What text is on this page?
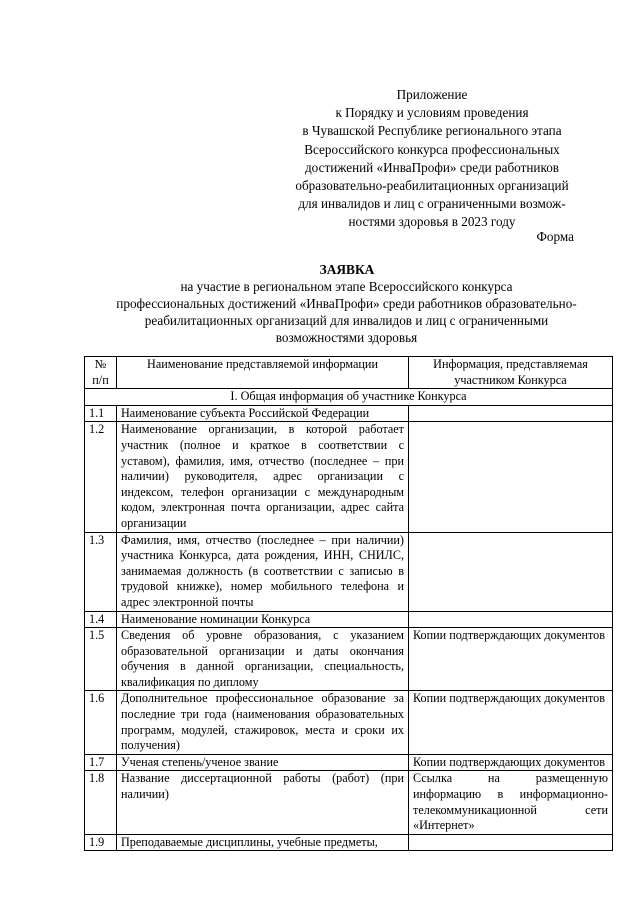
Приложение
к Порядку и условиям проведения
в Чувашской Республике регионального этапа
Всероссийского конкурса профессиональных
достижений «ИнваПрофи» среди работников
образовательно-реабилитационных организаций
для инвалидов и лиц с ограниченными возмож-
ностями здоровья в 2023 году
Форма
ЗАЯВКА
на участие в региональном этапе Всероссийского конкурса
профессиональных достижений «ИнваПрофи» среди работников образовательно-
реабилитационных организаций для инвалидов и лиц с ограниченными
возможностями здоровья
№ п/п	Наименование представляемой информации	Информация, представляемая участником Конкурса
I. Общая информация об участнике Конкурса		
1.1	Наименование субъекта Российской Федерации	
1.2	Наименование организации, в которой работает участник (полное и краткое в соответствии с уставом), фамилия, имя, отчество (последнее – при наличии) руководителя, адрес организации с индексом, телефон организации с международным кодом, электронная почта организации, адрес сайта организации	
1.3	Фамилия, имя, отчество (последнее – при наличии) участника Конкурса, дата рождения, ИНН, СНИЛС, занимаемая должность (в соответствии с записью в трудовой книжке), номер мобильного телефона и адрес электронной почты	
1.4	Наименование номинации Конкурса	
1.5	Сведения об уровне образования, с указанием образовательной организации и даты окончания обучения в данной организации, специальность, квалификация по диплому	Копии подтверждающих документов
1.6	Дополнительное профессиональное образование за последние три года (наименования образовательных программ, модулей, стажировок, места и сроки их получения)	Копии подтверждающих документов
1.7	Ученая степень/ученое звание	Копии подтверждающих документов
1.8	Название диссертационной работы (работ) (при наличии)	Ссылка на размещенную информацию в информационно-телекоммуникационной сети «Интернет»
1.9	Преподаваемые дисциплины, учебные предметы,	
